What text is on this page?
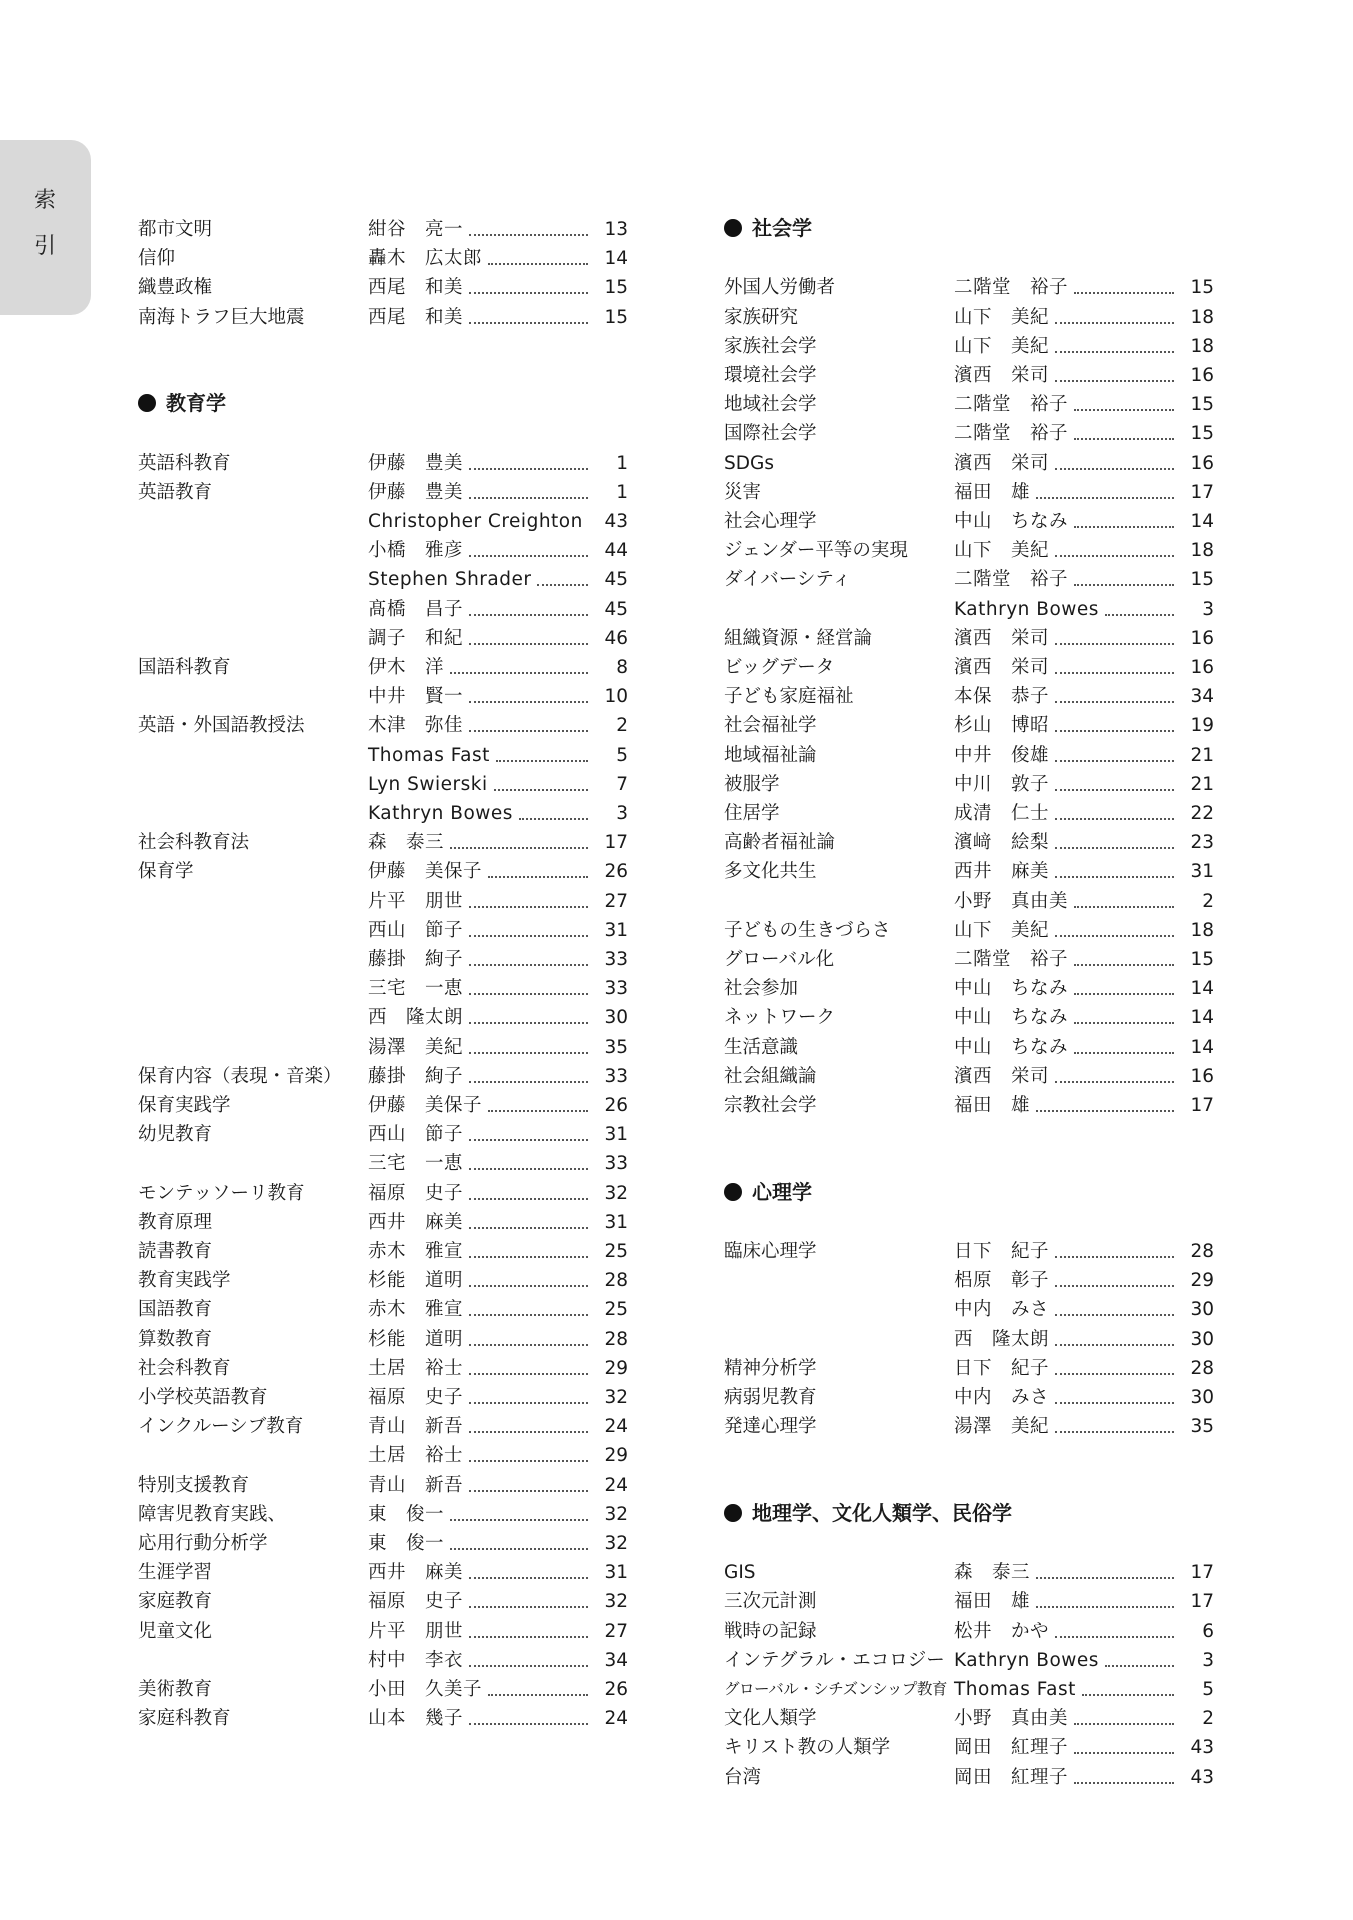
索
引
都市文明	紺谷　亮一	13
信仰	轟木　広太郎	14
織豊政権	西尾　和美	15
南海トラフ巨大地震	西尾　和美	15
教育学
英語科教育	伊藤　豊美	1
英語教育	伊藤　豊美	1
Christopher Creighton 43
小橋　雅彦	44
Stephen Shrader	45
髙橋　昌子	45
調子　和紀	46
国語科教育	伊木　洋	8
中井　賢一	10
英語・外国語教授法	木津　弥佳	2
Thomas Fast	5
Lyn Swierski	7
Kathryn Bowes	3
社会科教育法	森　泰三	17
保育学	伊藤　美保子	26
片平　朋世	27
西山　節子	31
藤掛　絢子	33
三宅　一恵	33
西　隆太朗	30
湯澤　美紀	35
保育内容（表現・音楽） 藤掛　絢子	33
保育実践学	伊藤　美保子	26
幼児教育	西山　節子	31
三宅　一恵	33
モンテッソーリ教育	福原　史子	32
教育原理	西井　麻美	31
読書教育	赤木　雅宣	25
教育実践学	杉能　道明	28
国語教育	赤木　雅宣	25
算数教育	杉能　道明	28
社会科教育	土居　裕士	29
小学校英語教育	福原　史子	32
インクルーシブ教育	青山　新吾	24
土居　裕士	29
特別支援教育	青山　新吾	24
障害児教育実践、	東　俊一	32
応用行動分析学	東　俊一	32
生涯学習	西井　麻美	31
家庭教育	福原　史子	32
児童文化	片平　朋世	27
村中　李衣	34
美術教育	小田　久美子	26
家庭科教育	山本　幾子	24
社会学
外国人労働者	二階堂　裕子	15
家族研究	山下　美紀	18
家族社会学	山下　美紀	18
環境社会学	濱西　栄司	16
地域社会学	二階堂　裕子	15
国際社会学	二階堂　裕子	15
SDGs	濱西　栄司	16
災害	福田　雄	17
社会心理学	中山　ちなみ	14
ジェンダー平等の実現 山下　美紀	18
ダイバーシティ	二階堂　裕子	15
Kathryn Bowes	3
組織資源・経営論	濱西　栄司	16
ビッグデータ	濱西　栄司	16
子ども家庭福祉	本保　恭子	34
社会福祉学	杉山　博昭	19
地域福祉論	中井　俊雄	21
被服学	中川　敦子	21
住居学	成清　仁士	22
高齢者福祉論	濱﨑　絵梨	23
多文化共生	西井　麻美	31
小野　真由美	2
子どもの生きづらさ	山下　美紀	18
グローバル化	二階堂　裕子	15
社会参加	中山　ちなみ	14
ネットワーク	中山　ちなみ	14
生活意識	中山　ちなみ	14
社会組織論	濱西　栄司	16
宗教社会学	福田　雄	17
心理学
臨床心理学	日下　紀子	28
梠原　彰子	29
中内　みさ	30
西　隆太朗	30
精神分析学	日下　紀子	28
病弱児教育	中内　みさ	30
発達心理学	湯澤　美紀	35
地理学、文化人類学、民俗学
GIS	森　泰三	17
三次元計測	福田　雄	17
戦時の記録	松井　かや	6
インテグラル・エコロジー Kathryn Bowes	3
グローバル・シチズンシップ教育 Thomas Fast	5
文化人類学	小野　真由美	2
キリスト教の人類学	岡田　紅理子	43
台湾	岡田　紅理子	43
